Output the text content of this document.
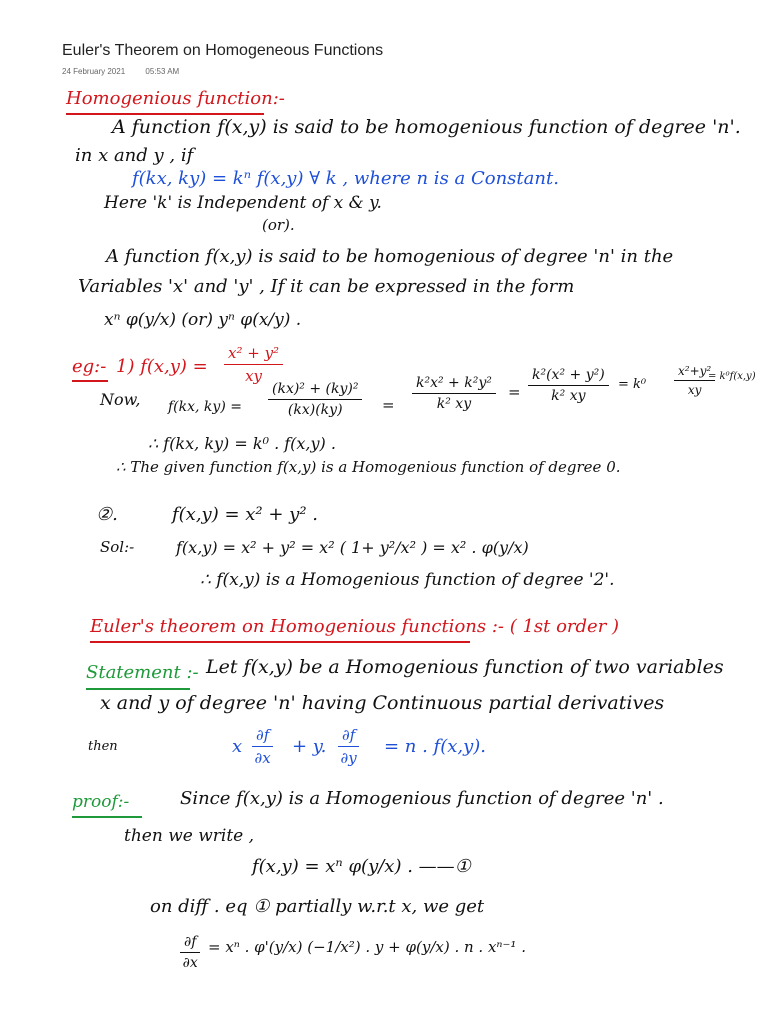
Euler's Theorem on Homogeneous Functions
24 February 2021	05:53 AM
Homogenious function:-
A function f(x,y) is said to be homogenious function of degree 'n'.
in x and y , if
f(kx, ky) = kⁿ f(x,y) ∀ k , where n is a Constant.
Here 'k' is Independent of x & y.
(or).
A function f(x,y) is said to be homogenious of degree 'n' in the
Variables 'x' and 'y' , If it can be expressed in the form
xⁿ φ(y/x) (or) yⁿ φ(x/y) .
eg:- 1) $f(x,y) = \frac{\text{x² + y²}}{xy}$
Now, f(kx, $ky) = \frac{\text{(kx)² + (ky)²}}{(kx)(ky)} = \frac{\text{k²x² + k²y²}}{\text{k² xy}} = \frac{\text{k²(x² + y²)}}{\text{k² xy}} = k^0 \frac{\text{x²+y²}}{xy}$
= k⁰f(x,y)
∴ f(kx, ky) = k⁰ . f(x,y) .
∴ The given function f(x,y) is a Homogenious function of degree 0.
②.	f(x,y) = x² + y² .
Sol:-	f(x,y) = x² + y² = x² ( 1+ y²/x² ) = x² . φ(y/x)
∴ f(x,y) is a Homogenious function of degree '2'.
Euler's theorem on Homogenious functions :- ( 1st order )
Statement :- Let f(x,y) be a Homogenious function of two variables
x and y of degree 'n' having Continuous partial derivatives
then	x $\frac{\partial f}{\partial x} + y$. $\frac{\partial f}{\partial y} = n$ . f(x,y).
proof:-	Since f(x,y) is a Homogenious function of degree 'n' .
then we write ,
f(x,y) = xⁿ φ(y/x) . ——①
on diff . eq ① partially w.r.t x, we get
$\frac{\partial f}{\partial x} = x^n$ . φ'(y/x) (−1/x²) . y + φ(y/x) . n . xⁿ⁻¹ .
